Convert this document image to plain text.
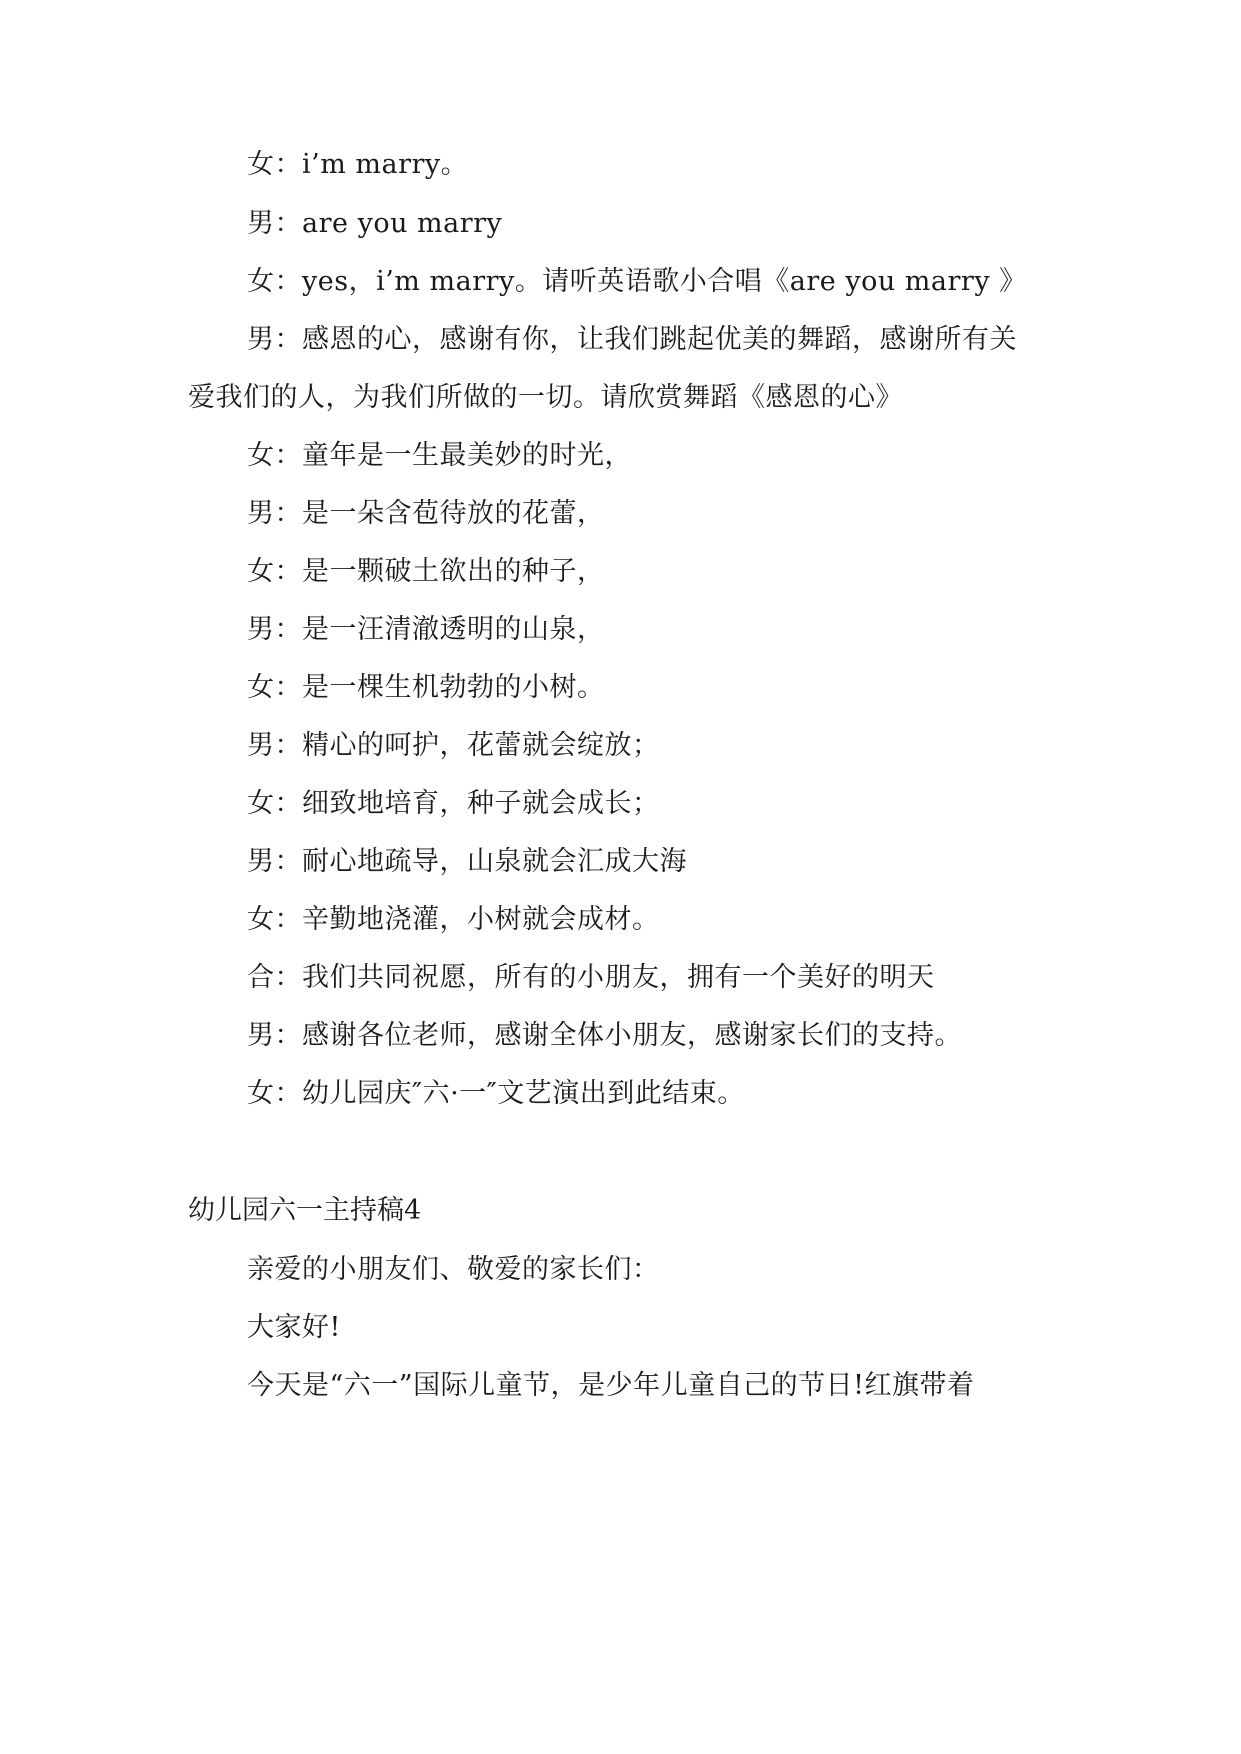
女：i’m marry。
男：are you marry
女：yes，i’m marry。请听英语歌小合唱《are you marry 》
男：感恩的心，感谢有你，让我们跳起优美的舞蹈，感谢所有关
爱我们的人，为我们所做的一切。请欣赏舞蹈《感恩的心》
女：童年是一生最美妙的时光，
男：是一朵含苞待放的花蕾，
女：是一颗破土欲出的种子，
男：是一汪清澈透明的山泉，
女：是一棵生机勃勃的小树。
男：精心的呵护，花蕾就会绽放；
女：细致地培育，种子就会成长；
男：耐心地疏导，山泉就会汇成大海
女：辛勤地浇灌，小树就会成材。
合：我们共同祝愿，所有的小朋友，拥有一个美好的明天
男：感谢各位老师，感谢全体小朋友，感谢家长们的支持。
女：幼儿园庆″六·一″文艺演出到此结束。
幼儿园六一主持稿4
亲爱的小朋友们、敬爱的家长们：
大家好!
今天是“六一”国际儿童节，是少年儿童自己的节日!红旗带着
